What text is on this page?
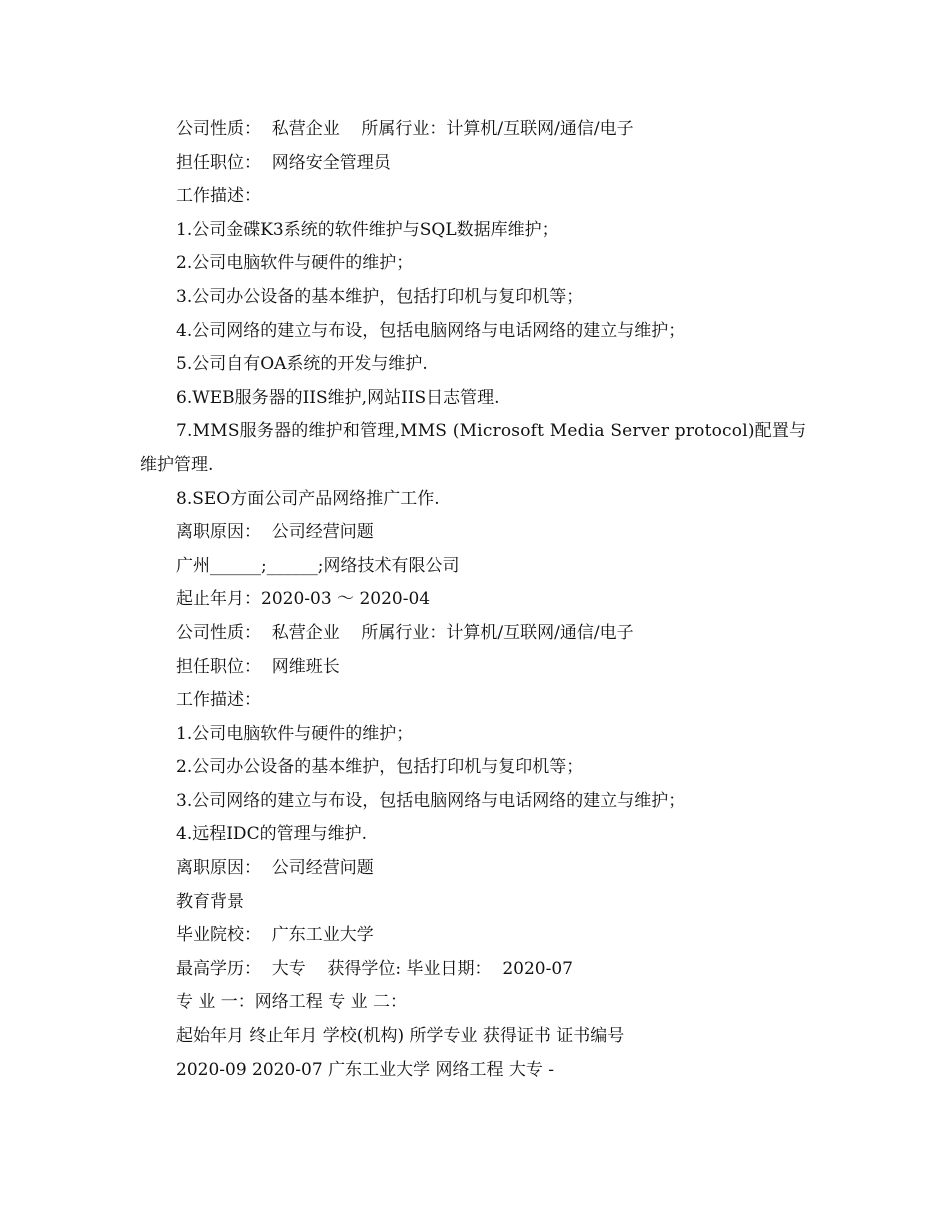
公司性质：  私营企业    所属行业：计算机/互联网/通信/电子
担任职位：  网络安全管理员
工作描述：
1.公司金碟K3系统的软件维护与SQL数据库维护；
2.公司电脑软件与硬件的维护；
3.公司办公设备的基本维护，包括打印机与复印机等；
4.公司网络的建立与布设，包括电脑网络与电话网络的建立与维护；
5.公司自有OA系统的开发与维护.
6.WEB服务器的IIS维护,网站IIS日志管理.
7.MMS服务器的维护和管理,MMS (Microsoft Media Server protocol)配置与
维护管理.
8.SEO方面公司产品网络推广工作.
离职原因：  公司经营问题
广州______;______;网络技术有限公司
起止年月：2020-03 ～ 2020-04
公司性质：  私营企业    所属行业：计算机/互联网/通信/电子
担任职位：  网维班长
工作描述：
1.公司电脑软件与硬件的维护；
2.公司办公设备的基本维护，包括打印机与复印机等；
3.公司网络的建立与布设，包括电脑网络与电话网络的建立与维护；
4.远程IDC的管理与维护.
离职原因：  公司经营问题
教育背景
毕业院校：  广东工业大学
最高学历：  大专    获得学位: 毕业日期：  2020-07
专 业 一：网络工程 专 业 二：
起始年月 终止年月 学校(机构) 所学专业 获得证书 证书编号
2020-09 2020-07 广东工业大学 网络工程 大专 -
